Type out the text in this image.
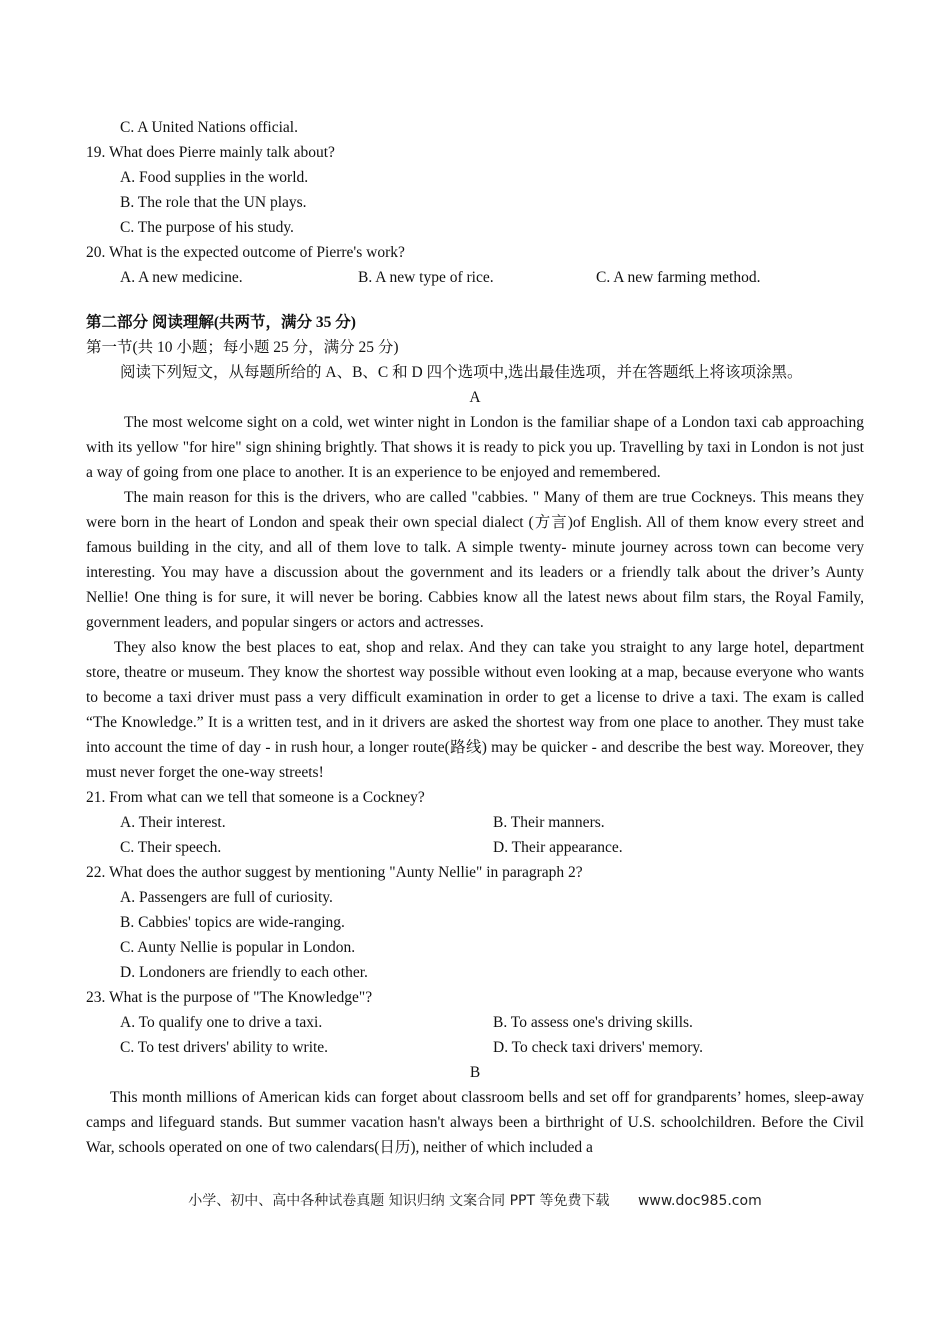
C. A United Nations official.
19. What does Pierre mainly talk about?
A. Food supplies in the world.
B. The role that the UN plays.
C. The purpose of his study.
20. What is the expected outcome of Pierre's work?
A. A new medicine.	B. A new type of rice.	C. A new farming method.
第二部分 阅读理解(共两节，满分 35 分)
第一节(共 10 小题；每小题 25 分，满分 25 分)
阅读下列短文，从每题所给的 A、B、C 和 D 四个选项中,选出最佳选项，并在答题纸上将该项涂黑。
A
The most welcome sight on a cold, wet winter night in London is the familiar shape of a London taxi cab approaching with its yellow "for hire" sign shining brightly. That shows it is ready to pick you up. Travelling by taxi in London is not just a way of going from one place to another. It is an experience to be enjoyed and remembered.
The main reason for this is the drivers, who are called "cabbies. " Many of them are true Cockneys. This means they were born in the heart of London and speak their own special dialect (方言)of English. All of them know every street and famous building in the city, and all of them love to talk. A simple twenty- minute journey across town can become very interesting. You may have a discussion about the government and its leaders or a friendly talk about the driver’s Aunty Nellie! One thing is for sure, it will never be boring. Cabbies know all the latest news about film stars, the Royal Family, government leaders, and popular singers or actors and actresses.
They also know the best places to eat, shop and relax. And they can take you straight to any large hotel, department store, theatre or museum. They know the shortest way possible without even looking at a map, because everyone who wants to become a taxi driver must pass a very difficult examination in order to get a license to drive a taxi. The exam is called “The Knowledge.” It is a written test, and in it drivers are asked the shortest way from one place to another. They must take into account the time of day - in rush hour, a longer route(路线) may be quicker - and describe the best way. Moreover, they must never forget the one-way streets!
21. From what can we tell that someone is a Cockney?
A. Their interest.	B. Their manners.
C. Their speech.	D. Their appearance.
22. What does the author suggest by mentioning "Aunty Nellie" in paragraph 2?
A. Passengers are full of curiosity.
B. Cabbies' topics are wide-ranging.
C. Aunty Nellie is popular in London.
D. Londoners are friendly to each other.
23. What is the purpose of "The Knowledge"?
A. To qualify one to drive a taxi.	B. To assess one's driving skills.
C. To test drivers' ability to write.	D. To check taxi drivers' memory.
B
This month millions of American kids can forget about classroom bells and set off for grandparents’ homes, sleep-away camps and lifeguard stands. But summer vacation hasn't always been a birthright of U.S. schoolchildren. Before the Civil War, schools operated on one of two calendars(日历), neither of which included a
小学、初中、高中各种试卷真题 知识归纳 文案合同 PPT 等免费下载 www.doc985.com
